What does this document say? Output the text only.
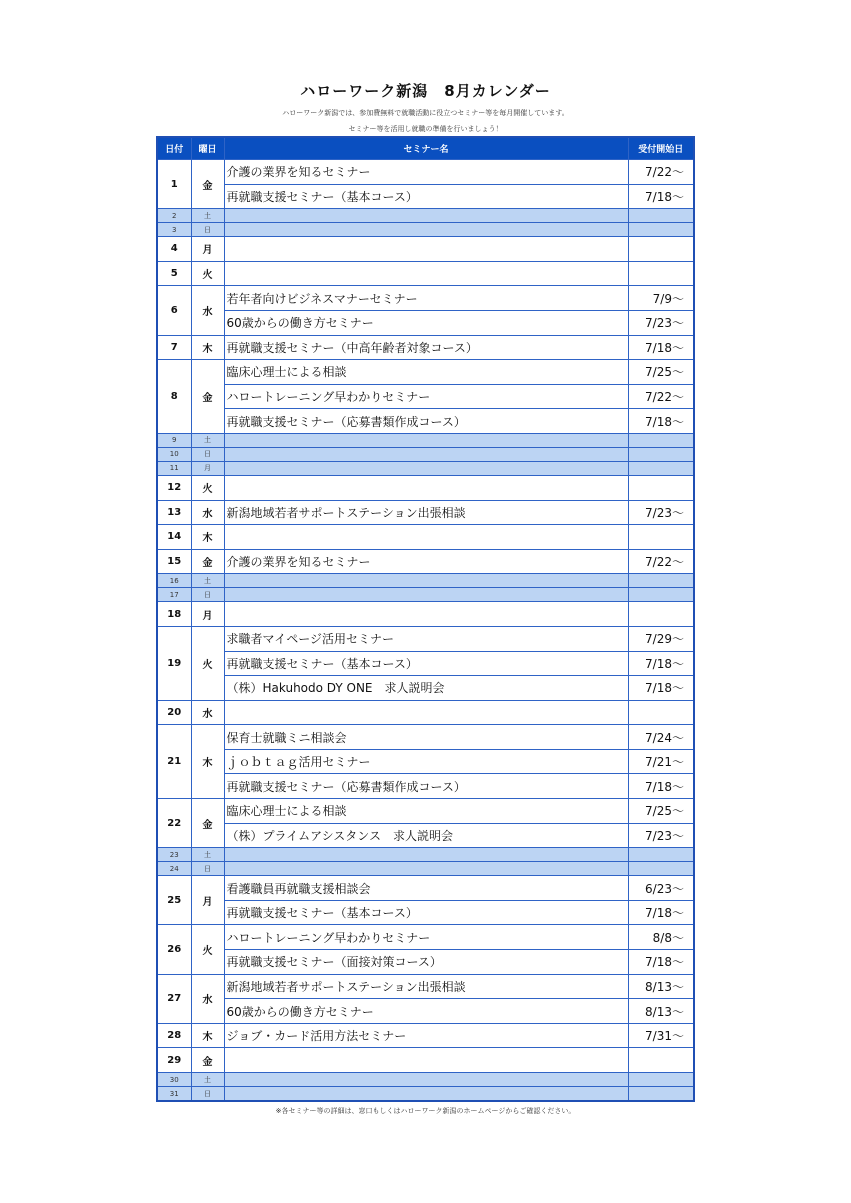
ハローワーク新潟　8月カレンダー
ハローワーク新潟では、参加費無料で就職活動に役立つセミナー等を毎月開催しています。
セミナー等を活用し就職の準備を行いましょう！
日付	曜日	セミナー名	受付開始日
1	金	介護の業界を知るセミナー	7/22～
		再就職支援セミナー（基本コース）	7/18～
2	土		
3	日		
4	月		
5	火		
6	水	若年者向けビジネスマナーセミナー	7/9～
		60歳からの働き方セミナー	7/23～
7	木	再就職支援セミナー（中高年齢者対象コース）	7/18～
8	金	臨床心理士による相談	7/25～
		ハロートレーニング早わかりセミナー	7/22～
		再就職支援セミナー（応募書類作成コース）	7/18～
9	土		
10	日		
11	月		
12	火		
13	水	新潟地域若者サポートステーション出張相談	7/23～
14	木		
15	金	介護の業界を知るセミナー	7/22～
16	土		
17	日		
18	月		
19	火	求職者マイページ活用セミナー	7/29～
		再就職支援セミナー（基本コース）	7/18～
		（株）Hakuhodo DY ONE　求人説明会	7/18～
20	水		
21	木	保育士就職ミニ相談会	7/24～
		ｊｏｂｔａｇ活用セミナー	7/21～
		再就職支援セミナー（応募書類作成コース）	7/18～
22	金	臨床心理士による相談	7/25～
		（株）プライムアシスタンス　求人説明会	7/23～
23	土		
24	日		
25	月	看護職員再就職支援相談会	6/23～
		再就職支援セミナー（基本コース）	7/18～
26	火	ハロートレーニング早わかりセミナー	8/8～
		再就職支援セミナー（面接対策コース）	7/18～
27	水	新潟地域若者サポートステーション出張相談	8/13～
		60歳からの働き方セミナー	8/13～
28	木	ジョブ・カード活用方法セミナー	7/31～
29	金		
30	土		
31	日		
※各セミナー等の詳細は、窓口もしくはハローワーク新潟のホームページからご確認ください。
